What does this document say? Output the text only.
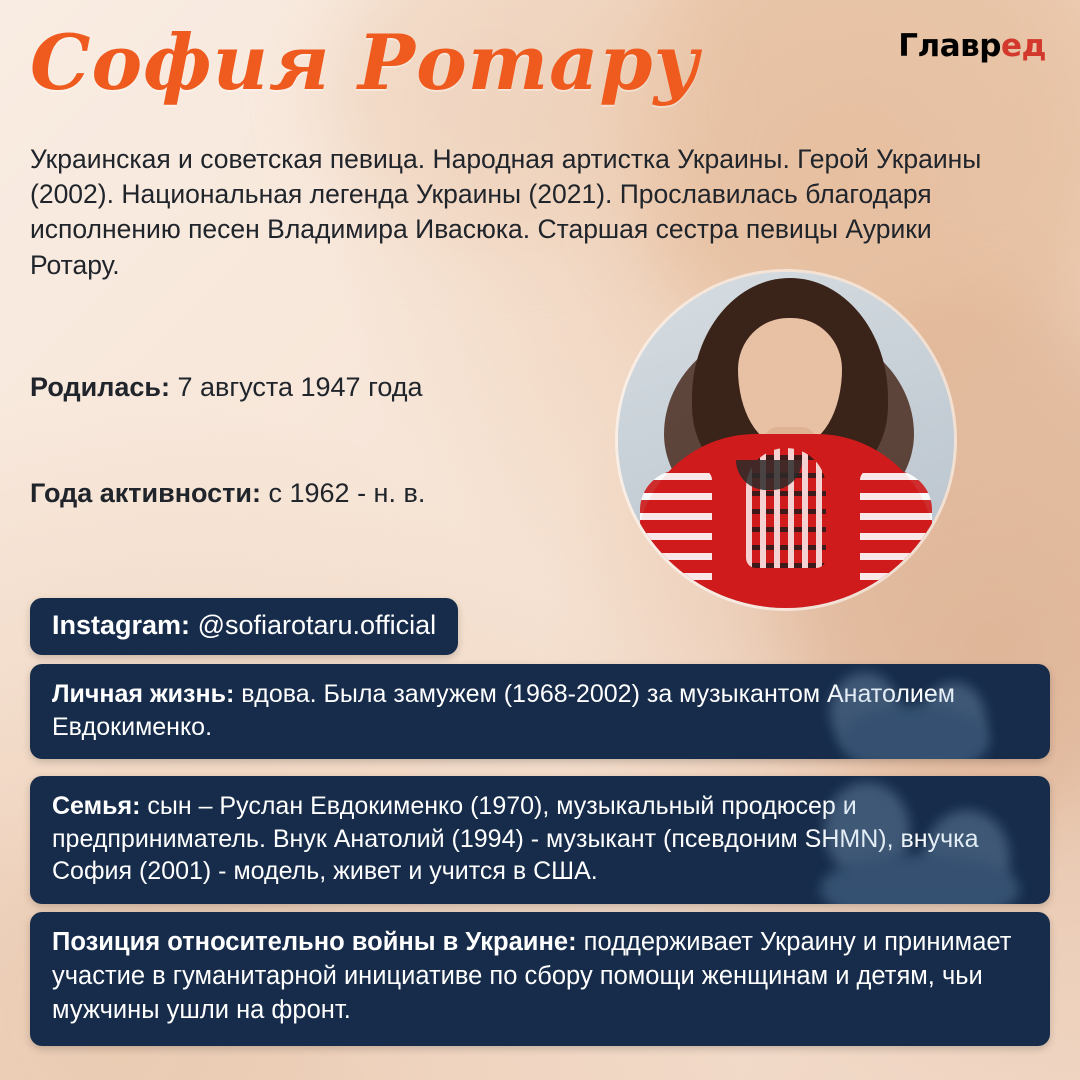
Главред
София Ротару
Украинская и советская певица. Народная артистка Украины. Герой Украины (2002). Национальная легенда Украины (2021). Прославилась благодаря исполнению песен Владимира Ивасюка. Старшая сестра певицы Аурики Ротару.
Родилась: 7 августа 1947 года
Года активности: с 1962 - н. в.
Instagram: @sofiarotaru.official
Личная жизнь: вдова. Была замужем (1968-2002) за музыкантом Анатолием Евдокименко.
Семья: сын – Руслан Евдокименко (1970), музыкальный продюсер и предприниматель. Внук Анатолий (1994) - музыкант (псевдоним SHMN), внучка София (2001) - модель, живет и учится в США.
Позиция относительно войны в Украине: поддерживает Украину и принимает участие в гуманитарной инициативе по сбору помощи женщинам и детям, чьи мужчины ушли на фронт.
